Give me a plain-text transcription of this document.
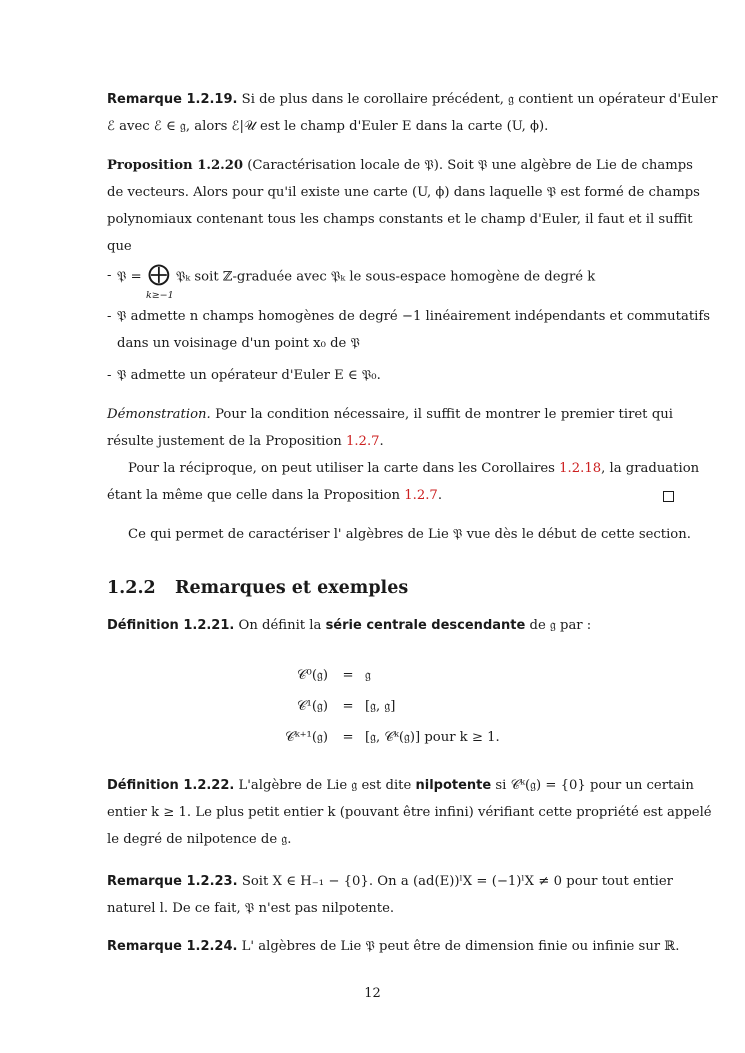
Remarque 1.2.19. Si de plus dans le corollaire précédent, 𝔤 contient un opérateur d'Euler
ℰ avec ℰ ∈ 𝔤, alors ℰ|𝒰 est le champ d'Euler E dans la carte (U, ϕ).
Proposition 1.2.20 (Caractérisation locale de 𝔓). Soit 𝔓 une algèbre de Lie de champs
de vecteurs. Alors pour qu'il existe une carte (U, ϕ) dans laquelle 𝔓 est formé de champs
polynomiaux contenant tous les champs constants et le champ d'Euler, il faut et il suffit
que
- 𝔓 = ⨁
k≥−1
𝔓ₖ soit ℤ-graduée avec 𝔓ₖ le sous-espace homogène de degré k
- 𝔓 admette n champs homogènes de degré −1 linéairement indépendants et commutatifs
dans un voisinage d'un point x₀ de 𝔓
- 𝔓 admette un opérateur d'Euler E ∈ 𝔓₀.
Démonstration. Pour la condition nécessaire, il suffit de montrer le premier tiret qui
résulte justement de la Proposition 1.2.7.
Pour la réciproque, on peut utiliser la carte dans les Corollaires 1.2.18, la graduation
étant la même que celle dans la Proposition 1.2.7.
Ce qui permet de caractériser l' algèbres de Lie 𝔓 vue dès le début de cette section.
1.2.2 Remarques et exemples
Définition 1.2.21. On définit la série centrale descendante de 𝔤 par :
𝒞⁰(𝔤) = 𝔤
𝒞¹(𝔤) = [𝔤, 𝔤]
𝒞ᵏ⁺¹(𝔤) = [𝔤, 𝒞ᵏ(𝔤)] pour k ≥ 1.
Définition 1.2.22. L'algèbre de Lie 𝔤 est dite nilpotente si 𝒞ᵏ(𝔤) = {0} pour un certain
entier k ≥ 1. Le plus petit entier k (pouvant être infini) vérifiant cette propriété est appelé
le degré de nilpotence de 𝔤.
Remarque 1.2.23. Soit X ∈ H₋₁ − {0}. On a (ad(E))ˡX = (−1)ˡX ≠ 0 pour tout entier
naturel l. De ce fait, 𝔓 n'est pas nilpotente.
Remarque 1.2.24. L' algèbres de Lie 𝔓 peut être de dimension finie ou infinie sur ℝ.
12
